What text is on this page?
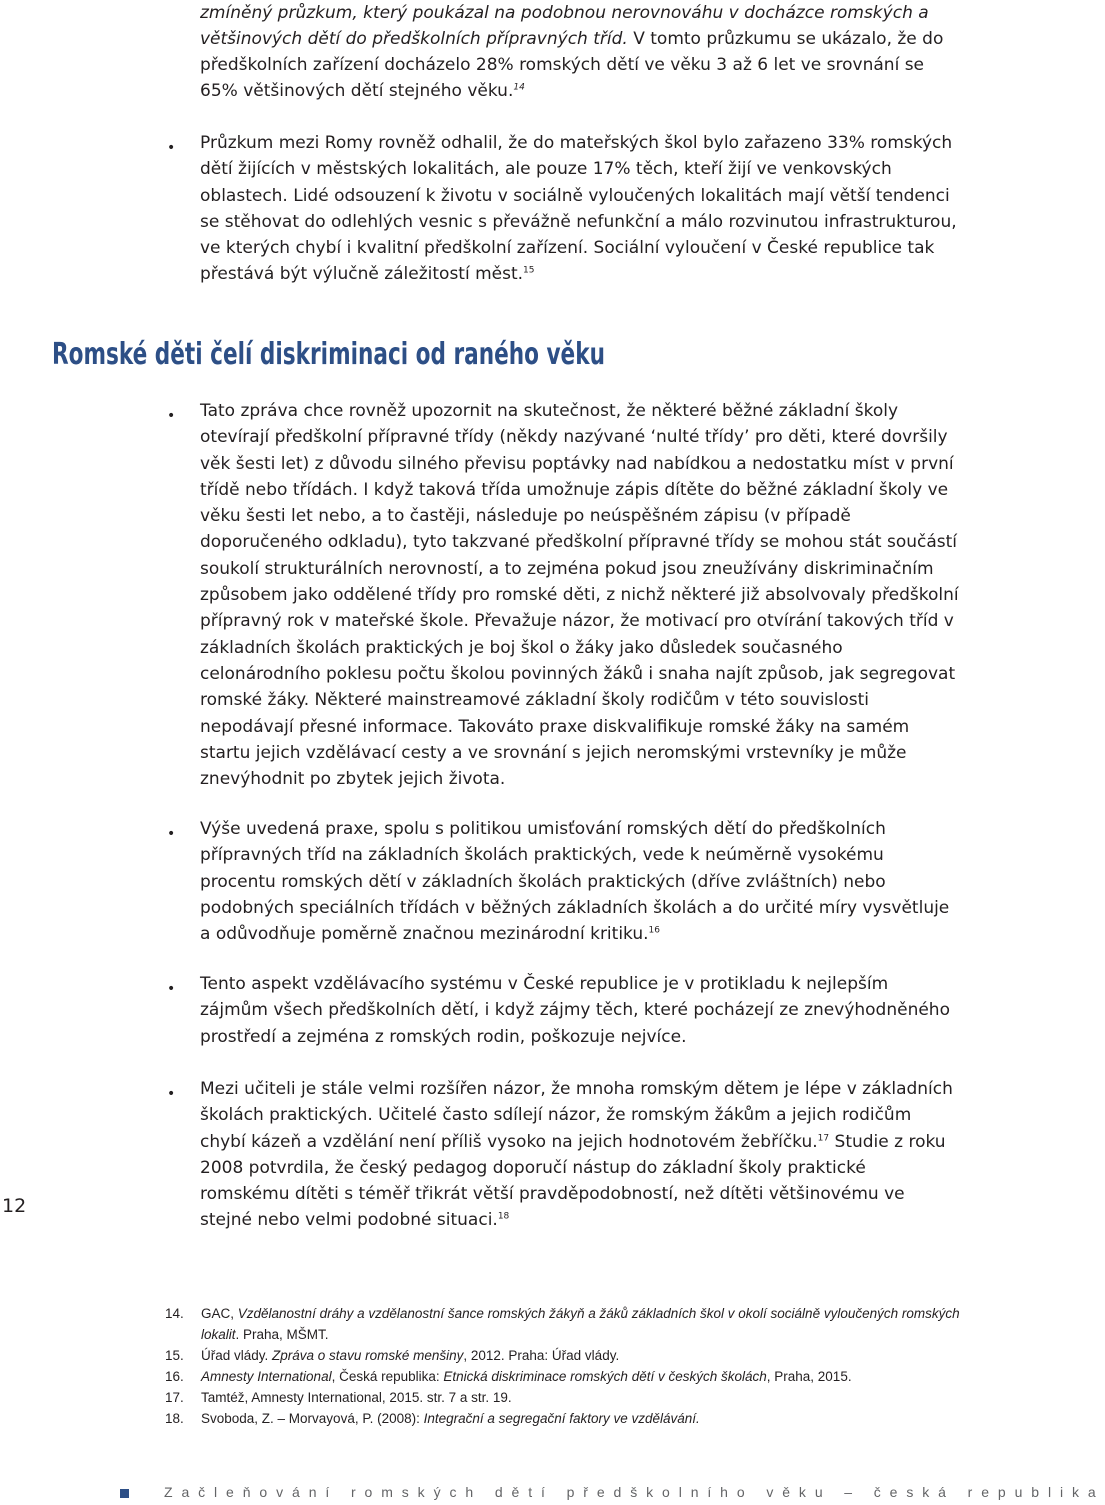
zmíněný průzkum, který poukázal na podobnou nerovnováhu v docházce romských a většinových dětí do předškolních přípravných tříd. V tomto průzkumu se ukázalo, že do předškolních zařízení docházelo 28% romských dětí ve věku 3 až 6 let ve srovnání se 65% většinových dětí stejného věku.$^{14}$
• Průzkum mezi Romy rovněž odhalil, že do mateřských škol bylo zařazeno 33% romských dětí žijících v městských lokalitách, ale pouze 17% těch, kteří žijí ve venkovských oblastech. Lidé odsouzení k životu v sociálně vyloučených lokalitách mají větší tendenci se stěhovat do odlehlých vesnic s převážně nefunkční a málo rozvinutou infrastrukturou, ve kterých chybí i kvalitní předškolní zařízení. Sociální vyloučení v České republice tak přestává být výlučně záležitostí měst.$^{15}$
Romské děti čelí diskriminaci od raného věku
• Tato zpráva chce rovněž upozornit na skutečnost, že některé běžné základní školy otevírají předškolní přípravné třídy (někdy nazývané ‘nulté třídy’ pro děti, které dovršily věk šesti let) z důvodu silného převisu poptávky nad nabídkou a nedostatku míst v první třídě nebo třídách. I když taková třída umožnuje zápis dítěte do běžné základní školy ve věku šesti let nebo, a to častěji, následuje po neúspěšném zápisu (v případě doporučeného odkladu), tyto takzvané předškolní přípravné třídy se mohou stát součástí soukolí strukturálních nerovností, a to zejména pokud jsou zneužívány diskriminačním způsobem jako oddělené třídy pro romské děti, z nichž některé již absolvovaly předškolní přípravný rok v mateřské škole. Převažuje názor, že motivací pro otvírání takových tříd v základních školách praktických je boj škol o žáky jako důsledek současného celonárodního poklesu počtu školou povinných žáků i snaha najít způsob, jak segregovat romské žáky. Některé mainstreamové základní školy rodičům v této souvislosti nepodávají přesné informace. Takováto praxe diskvalifikuje romské žáky na samém startu jejich vzdělávací cesty a ve srovnání s jejich neromskými vrstevníky je může znevýhodnit po zbytek jejich života.
• Výše uvedená praxe, spolu s politikou umisťování romských dětí do předškolních přípravných tříd na základních školách praktických, vede k neúměrně vysokému procentu romských dětí v základních školách praktických (dříve zvláštních) nebo podobných speciálních třídách v běžných základních školách a do určité míry vysvětluje a odůvodňuje poměrně značnou mezinárodní kritiku.$^{16}$
• Tento aspekt vzdělávacího systému v České republice je v protikladu k nejlepším zájmům všech předškolních dětí, i když zájmy těch, které pocházejí ze znevýhodněného prostředí a zejména z romských rodin, poškozuje nejvíce.
• Mezi učiteli je stále velmi rozšířen názor, že mnoha romským dětem je lépe v základních školách praktických. Učitelé často sdílejí názor, že romským žákům a jejich rodičům chybí kázeň a vzdělání není příliš vysoko na jejich hodnotovém žebříčku.$^{17}$ Studie z roku 2008 potvrdila, že český pedagog doporučí nástup do základní školy praktické romskému dítěti s téměř třikrát větší pravděpodobností, než dítěti většinovému ve stejné nebo velmi podobné situaci.$^{18}$
12
14. GAC, Vzdělanostní dráhy a vzdělanostní šance romských žákyň a žáků základních škol v okolí sociálně vyloučených romských lokalit. Praha, MŠMT.
15. Úřad vlády. Zpráva o stavu romské menšiny, 2012. Praha: Úřad vlády.
16. Amnesty International, Česká republika: Etnická diskriminace romských dětí v českých školách, Praha, 2015.
17. Tamtéž, Amnesty International, 2015. str. 7 a str. 19.
18. Svoboda, Z. – Morvayová, P. (2008): Integrační a segregační faktory ve vzdělávání.
Začleňování romských dětí předškolního věku – česká republika
